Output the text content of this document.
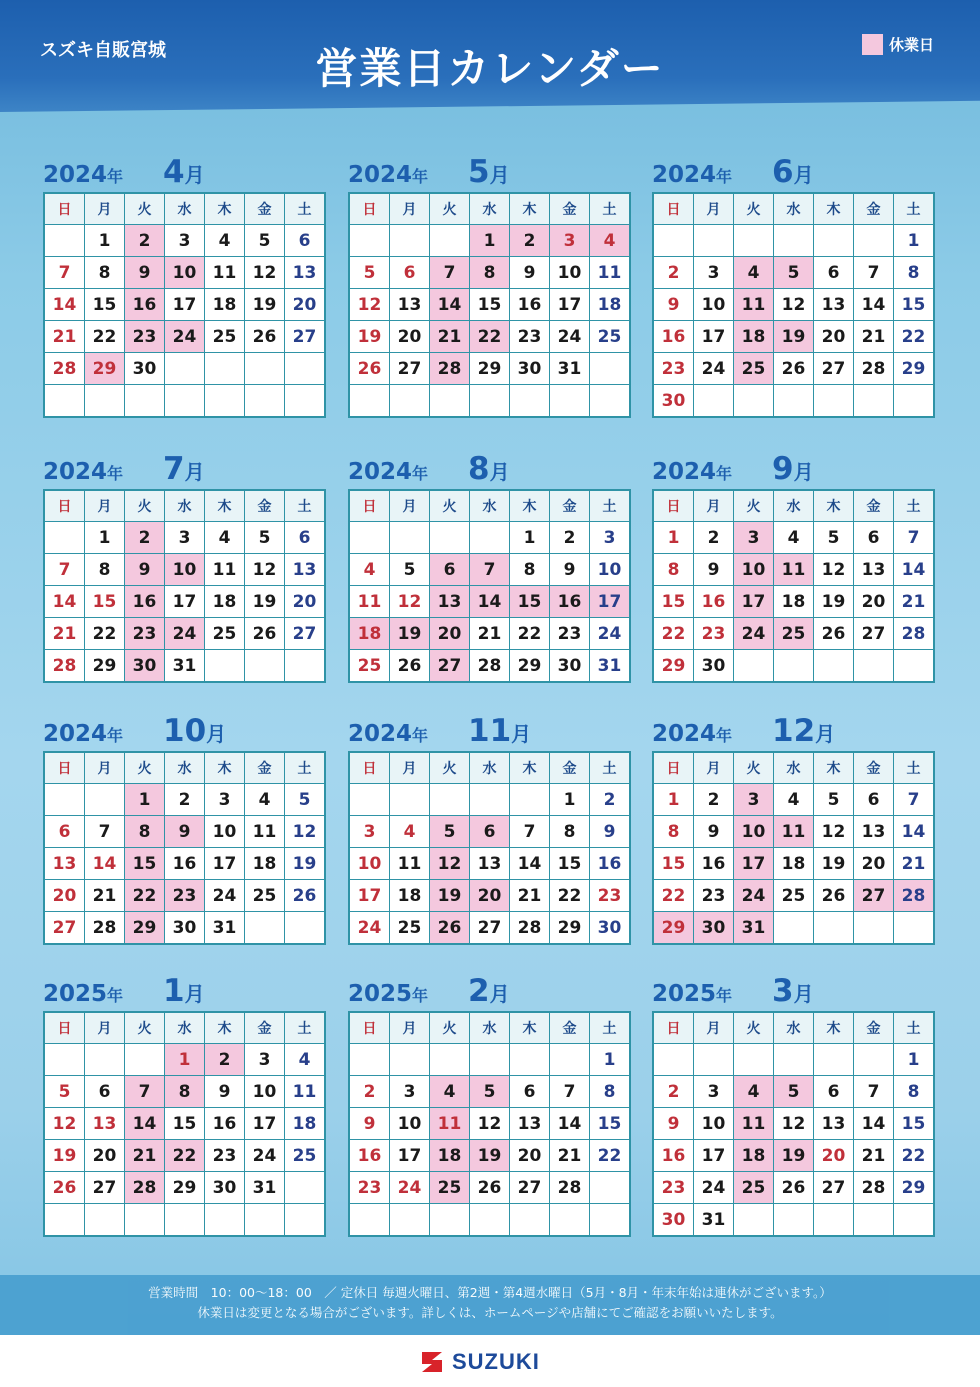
スズキ自販宮城	営業日カレンダー	休業日
2024年 4月
日	月	火	水	木	金	土
	1	2	3	4	5	6
7	8	9	10	11	12	13
14	15	16	17	18	19	20
21	22	23	24	25	26	27
28	29	30				

2024年 5月
日	月	火	水	木	金	土
			1	2	3	4
5	6	7	8	9	10	11
12	13	14	15	16	17	18
19	20	21	22	23	24	25
26	27	28	29	30	31	

2024年 6月
日	月	火	水	木	金	土
						1
2	3	4	5	6	7	8
9	10	11	12	13	14	15
16	17	18	19	20	21	22
23	24	25	26	27	28	29
30						
2024年 7月
日	月	火	水	木	金	土
	1	2	3	4	5	6
7	8	9	10	11	12	13
14	15	16	17	18	19	20
21	22	23	24	25	26	27
28	29	30	31			
2024年 8月
日	月	火	水	木	金	土
				1	2	3
4	5	6	7	8	9	10
11	12	13	14	15	16	17
18	19	20	21	22	23	24
25	26	27	28	29	30	31
2024年 9月
日	月	火	水	木	金	土
1	2	3	4	5	6	7
8	9	10	11	12	13	14
15	16	17	18	19	20	21
22	23	24	25	26	27	28
29	30					
2024年 10月
日	月	火	水	木	金	土
		1	2	3	4	5
6	7	8	9	10	11	12
13	14	15	16	17	18	19
20	21	22	23	24	25	26
27	28	29	30	31		
2024年 11月
日	月	火	水	木	金	土
					1	2
3	4	5	6	7	8	9
10	11	12	13	14	15	16
17	18	19	20	21	22	23
24	25	26	27	28	29	30
2024年 12月
日	月	火	水	木	金	土
1	2	3	4	5	6	7
8	9	10	11	12	13	14
15	16	17	18	19	20	21
22	23	24	25	26	27	28
29	30	31				
2025年 1月
日	月	火	水	木	金	土
			1	2	3	4
5	6	7	8	9	10	11
12	13	14	15	16	17	18
19	20	21	22	23	24	25
26	27	28	29	30	31	

2025年 2月
日	月	火	水	木	金	土
						1
2	3	4	5	6	7	8
9	10	11	12	13	14	15
16	17	18	19	20	21	22
23	24	25	26	27	28	

2025年 3月
日	月	火	水	木	金	土
						1
2	3	4	5	6	7	8
9	10	11	12	13	14	15
16	17	18	19	20	21	22
23	24	25	26	27	28	29
30	31					
営業時間　10：00〜18：00　／ 定休日 毎週火曜日、第2週・第4週水曜日（5月・8月・年末年始は連休がございます。）
休業日は変更となる場合がございます。詳しくは、ホームページや店舗にてご確認をお願いいたします。
SUZUKI
